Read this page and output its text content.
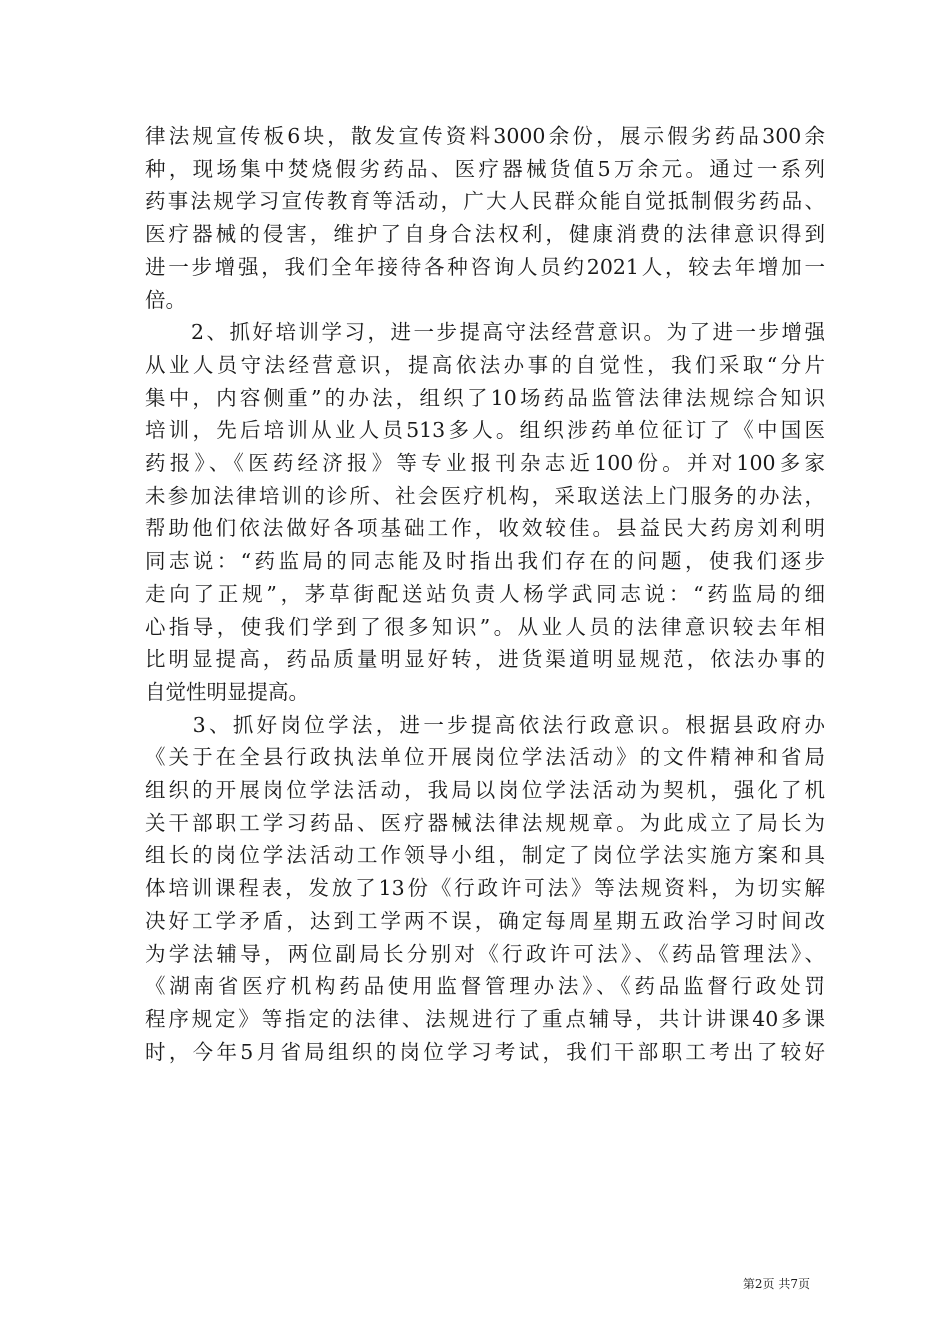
律法规宣传板6块，散发宣传资料3000余份，展示假劣药品300余
种，现场集中焚烧假劣药品、医疗器械货值5万余元。通过一系列
药事法规学习宣传教育等活动，广大人民群众能自觉抵制假劣药品、
医疗器械的侵害，维护了自身合法权利，健康消费的法律意识得到
进一步增强，我们全年接待各种咨询人员约2021人，较去年增加一
倍。
　　2、抓好培训学习，进一步提高守法经营意识。为了进一步增强
从业人员守法经营意识，提高依法办事的自觉性，我们采取“分片
集中，内容侧重”的办法，组织了10场药品监管法律法规综合知识
培训，先后培训从业人员513多人。组织涉药单位征订了《中国医
药报》、《医药经济报》等专业报刊杂志近100份。并对100多家
未参加法律培训的诊所、社会医疗机构，采取送法上门服务的办法，
帮助他们依法做好各项基础工作，收效较佳。县益民大药房刘利明
同志说：“药监局的同志能及时指出我们存在的问题，使我们逐步
走向了正规”，茅草街配送站负责人杨学武同志说：“药监局的细
心指导，使我们学到了很多知识”。从业人员的法律意识较去年相
比明显提高，药品质量明显好转，进货渠道明显规范，依法办事的
自觉性明显提高。
　　3、抓好岗位学法，进一步提高依法行政意识。根据县政府办
《关于在全县行政执法单位开展岗位学法活动》的文件精神和省局
组织的开展岗位学法活动，我局以岗位学法活动为契机，强化了机
关干部职工学习药品、医疗器械法律法规规章。为此成立了局长为
组长的岗位学法活动工作领导小组，制定了岗位学法实施方案和具
体培训课程表，发放了13份《行政许可法》等法规资料，为切实解
决好工学矛盾，达到工学两不误，确定每周星期五政治学习时间改
为学法辅导，两位副局长分别对《行政许可法》、《药品管理法》、
《湖南省医疗机构药品使用监督管理办法》、《药品监督行政处罚
程序规定》等指定的法律、法规进行了重点辅导，共计讲课40多课
时，今年5月省局组织的岗位学习考试，我们干部职工考出了较好
第2页 共7页
